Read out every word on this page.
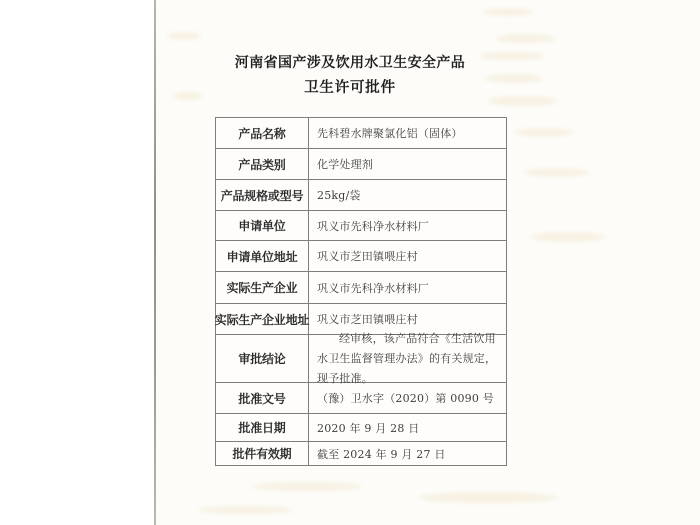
河南省国产涉及饮用水卫生安全产品
卫生许可批件
产品名称	先科碧水牌聚氯化铝（固体）
产品类别	化学处理剂
产品规格或型号	25kg/袋
申请单位	巩义市先科净水材料厂
申请单位地址	巩义市芝田镇喂庄村
实际生产企业	巩义市先科净水材料厂
实际生产企业地址 巩义市芝田镇喂庄村
审批结论
经审核，该产品符合《生活饮用水卫生监督管理办法》的有关规定，现予批准。
批准文号	（豫）卫水字（2020）第 0090 号
批准日期	2020 年 9 月 28 日
批件有效期	截至 2024 年 9 月 27 日
